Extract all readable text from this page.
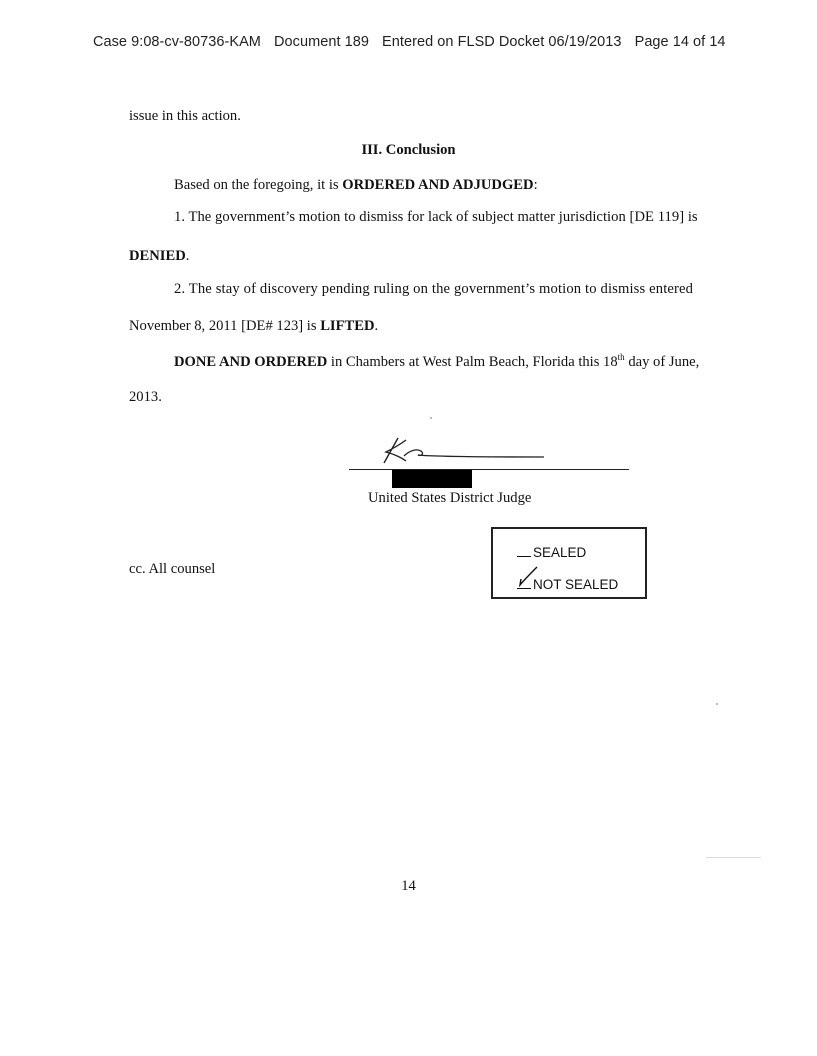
Case 9:08-cv-80736-KAM Document 189 Entered on FLSD Docket 06/19/2013 Page 14 of 14
issue in this action.
III. Conclusion
Based on the foregoing, it is ORDERED AND ADJUDGED:
1. The government’s motion to dismiss for lack of subject matter jurisdiction [DE 119] is
DENIED.
2. The stay of discovery pending ruling on the government’s motion to dismiss entered
November 8, 2011 [DE# 123] is LIFTED.
DONE AND ORDERED in Chambers at West Palm Beach, Florida this 18th day of June,
2013.
United States District Judge
cc. All counsel
SEALED
NOT SEALED
14
